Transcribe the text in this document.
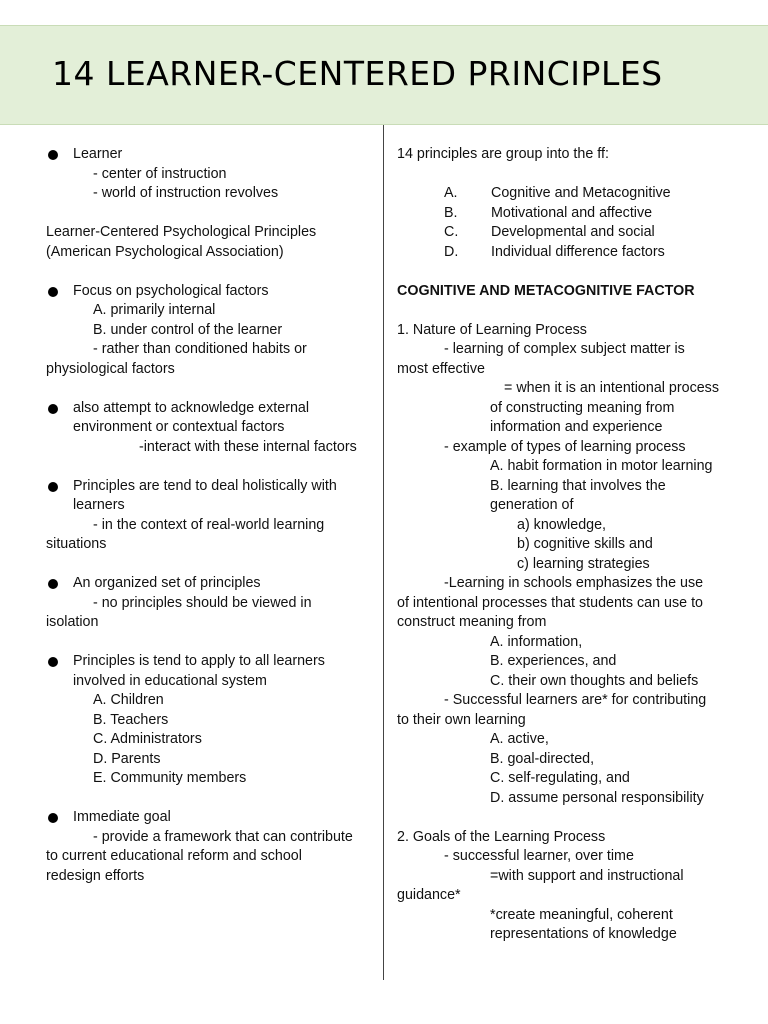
14 LEARNER-CENTERED PRINCIPLES
Learner
- center of instruction
- world of instruction revolves
Learner-Centered Psychological Principles
(American Psychological Association)
Focus on psychological factors
A. primarily internal
B. under control of the learner
- rather than conditioned habits or
physiological factors
also attempt to acknowledge external
environment or contextual factors
-interact with these internal factors
Principles are tend to deal holistically with
learners
- in the context of real-world learning
situations
An organized set of principles
- no principles should be viewed in
isolation
Principles is tend to apply to all learners
involved in educational system
A. Children
B. Teachers
C. Administrators
D. Parents
E. Community members
Immediate goal
- provide a framework that can contribute
to current educational reform and school
redesign efforts
14 principles are group into the ff:
A. Cognitive and Metacognitive
B. Motivational and affective
C. Developmental and social
D. Individual difference factors
COGNITIVE AND METACOGNITIVE FACTOR
1. Nature of Learning Process
- learning of complex subject matter is
most effective
= when it is an intentional process
of constructing meaning from
information and experience
- example of types of learning process
A. habit formation in motor learning
B. learning that involves the
generation of
a) knowledge,
b) cognitive skills and
c) learning strategies
-Learning in schools emphasizes the use
of intentional processes that students can use to
construct meaning from
A. information,
B. experiences, and
C. their own thoughts and beliefs
- Successful learners are* for contributing
to their own learning
A. active,
B. goal-directed,
C. self-regulating, and
D. assume personal responsibility
2. Goals of the Learning Process
- successful learner, over time
=with support and instructional
guidance*
*create meaningful, coherent
representations of knowledge
